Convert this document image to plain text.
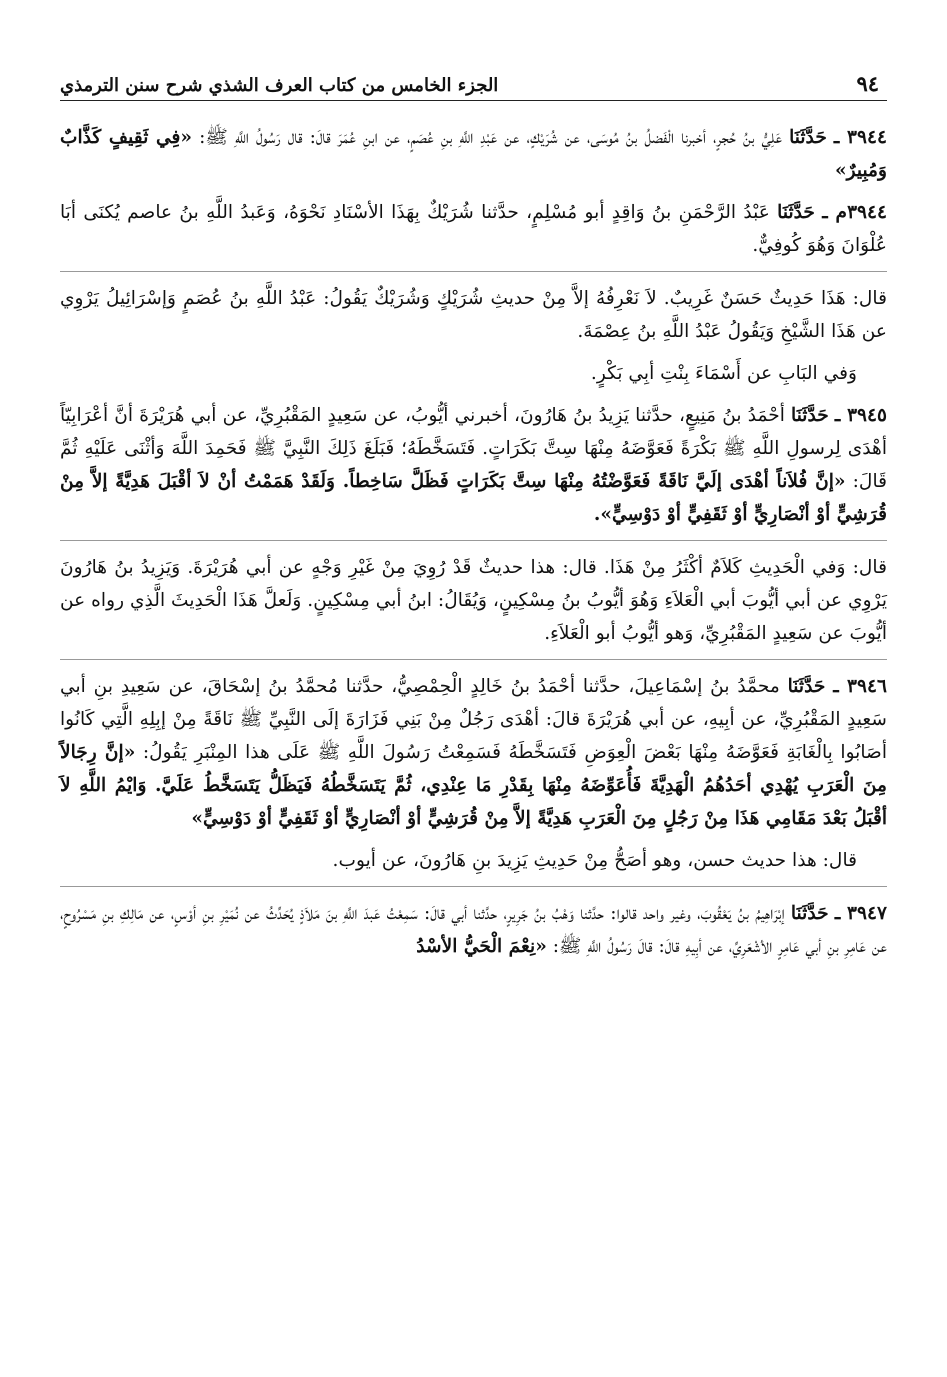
٩٤
الجزء الخامس من كتاب العرف الشذي شرح سنن الترمذي

٣٩٤٤ ـ حَدَّثَنَا عَلِيُّ بنُ حُجرٍ، أخبرنا الْفَضلُ بنُ مُوسَى، عن شُرَيْكٍ، عن عَبْدِ اللَّهِ بنِ عُصَمٍ، عن ابنِ عُمَرَ قالَ: قال رَسُولُ اللَّهِ ﷺ: «فِي ثَقِيفٍ كَذَّابٌ وَمُبِيرٌ»

٣٩٤٤م ـ حَدَّثَنَا عَبْدُ الرَّحْمَنِ بنُ وَاقِدٍ أبو مُسْلِمٍ، حدَّثنا شُرَيْكٌ بِهَذَا الأسْنَادِ نَحْوَهُ، وَعَبدُ اللَّهِ بنُ عاصم يُكنَى أبَا عُلْوَانَ وَهُوَ كُوفِيٌّ.

قال: هَذَا حَدِيثٌ حَسَنٌ غَرِيبٌ. لاَ نَعْرِفُهُ إلاَّ مِنْ حديثِ شُرَيْكٍ وَشُرَيْكٌ يَقُولُ: عَبْدُ اللَّهِ بنُ عُصَمٍ وَإسْرَائِيلُ يَرْوِي عن هَذَا الشَّيْخِ وَيَقُولُ عَبْدُ اللَّهِ بنُ عِصْمَةَ.

وَفي البَابِ عن أَسْمَاءَ بِنْتِ أبِي بَكْرٍ.

٣٩٤٥ ـ حَدَّثَنَا أحْمَدُ بنُ مَنِيعٍ، حدَّثنا يَزِيدُ بنُ هَارُونَ، أخبرني أيُّوبُ، عن سَعِيدٍ المَقْبُرِيِّ، عن أبي هُرَيْرَةَ أنَّ أعْرَابِيّاً أهْدَى لِرسولِ اللَّهِ ﷺ بَكْرَةً فَعَوَّضَهُ مِنْهَا سِتَّ بَكَرَاتٍ. فَتَسَخَّطَهُ؛ فَبَلَغَ ذَلِكَ النَّبِيَّ ﷺ فَحَمِدَ اللَّهَ وَأثْنَى عَلَيْهِ ثُمَّ قَالَ: «إنَّ فُلاَناً أهْدَى إلَيَّ نَاقَةً فَعَوَّضْتُهُ مِنْهَا سِتَّ بَكَرَاتٍ فَظَلَّ سَاخِطاً. وَلَقَدْ هَمَمْتُ أنْ لاَ أقْبَلَ هَدِيَّةً إلاَّ مِنْ قُرَشِيٍّ أوْ أنْصَارِيٍّ أوْ ثَقَفِيٍّ أوْ دَوْسِيٍّ».

قال: وَفي الْحَدِيثِ كَلاَمٌ أكْثَرُ مِنْ هَذَا. قال: هذا حديثٌ قَدْ رُوِيَ مِنْ غَيْرِ وَجْهٍ عن أبي هُرَيْرَةَ. وَيَزِيدُ بنُ هَارُونَ يَرْوِي عن أبي أيُّوبَ أبي الْعَلاَءِ وَهُوَ أيُّوبُ بنُ مِسْكِينٍ، وَيُقَالُ: ابنُ أبي مِسْكِينٍ. وَلَعلَّ هَذَا الْحَدِيثَ الَّذِي رواه عن أيُّوبَ عن سَعِيدٍ المَقْبُرِيِّ، وَهو أيُّوبُ أبو الْعَلاَءِ.

٣٩٤٦ ـ حَدَّثَنَا محمَّدُ بنُ إسْمَاعِيلَ، حدَّثنا أحْمَدُ بنُ خَالِدٍ الْحِمْصِيُّ، حدَّثنا مُحمَّدُ بنُ إسْحَاقَ، عن سَعِيدِ بنِ أبي سَعِيدٍ المَقْبُرِيِّ، عن أبِيهِ، عن أبي هُرَيْرَةَ قالَ: أهْدَى رَجُلٌ مِنْ بَنِي فَزَارَةَ إلَى النَّبِيِّ ﷺ نَاقَةً مِنْ إبِلِهِ الَّتِي كَانُوا أصَابُوا بِالْغَابَةِ فَعَوَّضَهُ مِنْهَا بَعْضَ الْعِوَضِ فَتَسَخَّطَهُ فَسَمِعْتُ رَسُولَ اللَّهِ ﷺ عَلَى هذا المِنْبَرِ يَقُولُ: «إنَّ رِجَالاً مِنَ الْعَرَبِ يُهْدِي أحَدُهُمُ الْهَدِيَّةَ فَأُعَوِّضَهُ مِنْهَا بِقَدْرِ مَا عِنْدِي، ثُمَّ يَتَسَخَّطُهُ فَيَظَلُّ يَتَسَخَّطُ عَلَيَّ. وَايْمُ اللَّهِ لاَ أقْبَلُ بَعْدَ مَقَامِي هَذَا مِنْ رَجُلٍ مِنَ الْعَرَبِ هَدِيَّةً إلاَّ مِنْ قُرَشِيٍّ أوْ أنْصَارِيٍّ أوْ ثَقَفِيٍّ أوْ دَوْسِيٍّ»

قال: هذا حديث حسن، وهو أصَحُّ مِنْ حَدِيثِ يَزِيدَ بنِ هَارُونَ، عن أيوب.

٣٩٤٧ ـ حَدَّثَنَا إبْرَاهِيمُ بنُ يَعْقُوبَ، وغير واحد قالوا: حدَّثنا وَهْبُ بنُ جَرِيرٍ، حدَّثنا أبي قالَ: سَمِعْتُ عَبدَ اللَّهِ بنَ مَلاَذٍ يُحَدِّثُ عن نُمَيْرِ بنِ أوْسٍ، عن مَالِكِ بنِ مَسْرُوحٍ، عن عَامِرِ بنِ أبي عَامِرٍ الأشْعَرِيِّ، عن أبِيهِ قالَ: قالَ رَسُولُ اللَّهِ ﷺ: «نِعْمَ الْحَيُّ الأسْدُ
